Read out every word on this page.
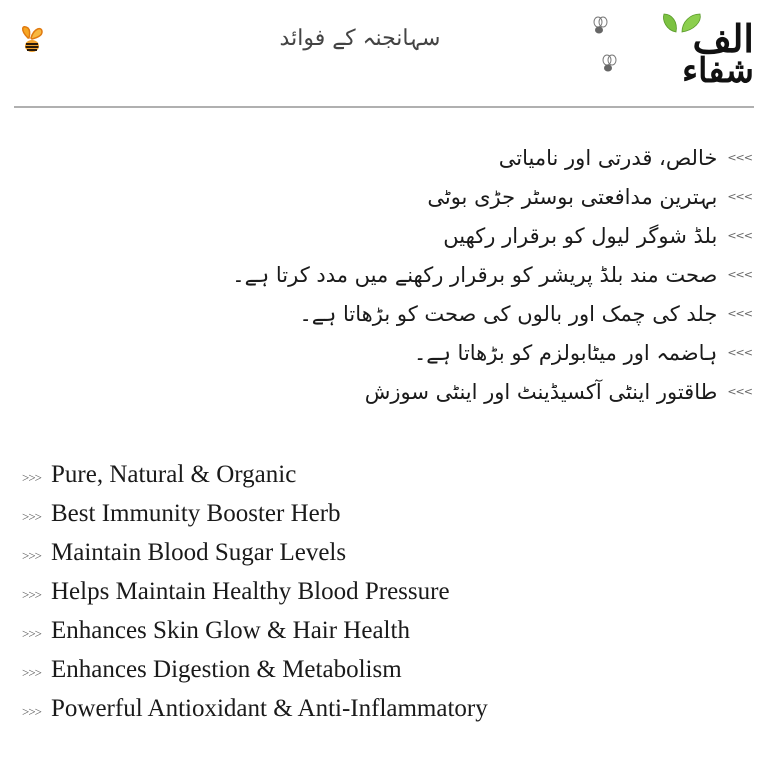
سہانجنہ کے فوائد	الف
شفاء
<<<
خالص، قدرتی اور نامیاتی
<<<
بہترین مدافعتی بوسٹر جڑی بوٹی
<<<
بلڈ شوگر لیول کو برقرار رکھیں
<<<
صحت مند بلڈ پریشر کو برقرار رکھنے میں مدد کرتا ہے۔
<<<
جلد کی چمک اور بالوں کی صحت کو بڑھاتا ہے۔
<<<
ہاضمہ اور میٹابولزم کو بڑھاتا ہے۔
<<<
طاقتور اینٹی آکسیڈینٹ اور اینٹی سوزش
>>> Pure, Natural & Organic
>>> Best Immunity Booster Herb
>>> Maintain Blood Sugar Levels
>>> Helps Maintain Healthy Blood Pressure
>>> Enhances Skin Glow & Hair Health
>>> Enhances Digestion & Metabolism
>>> Powerful Antioxidant & Anti-Inflammatory
